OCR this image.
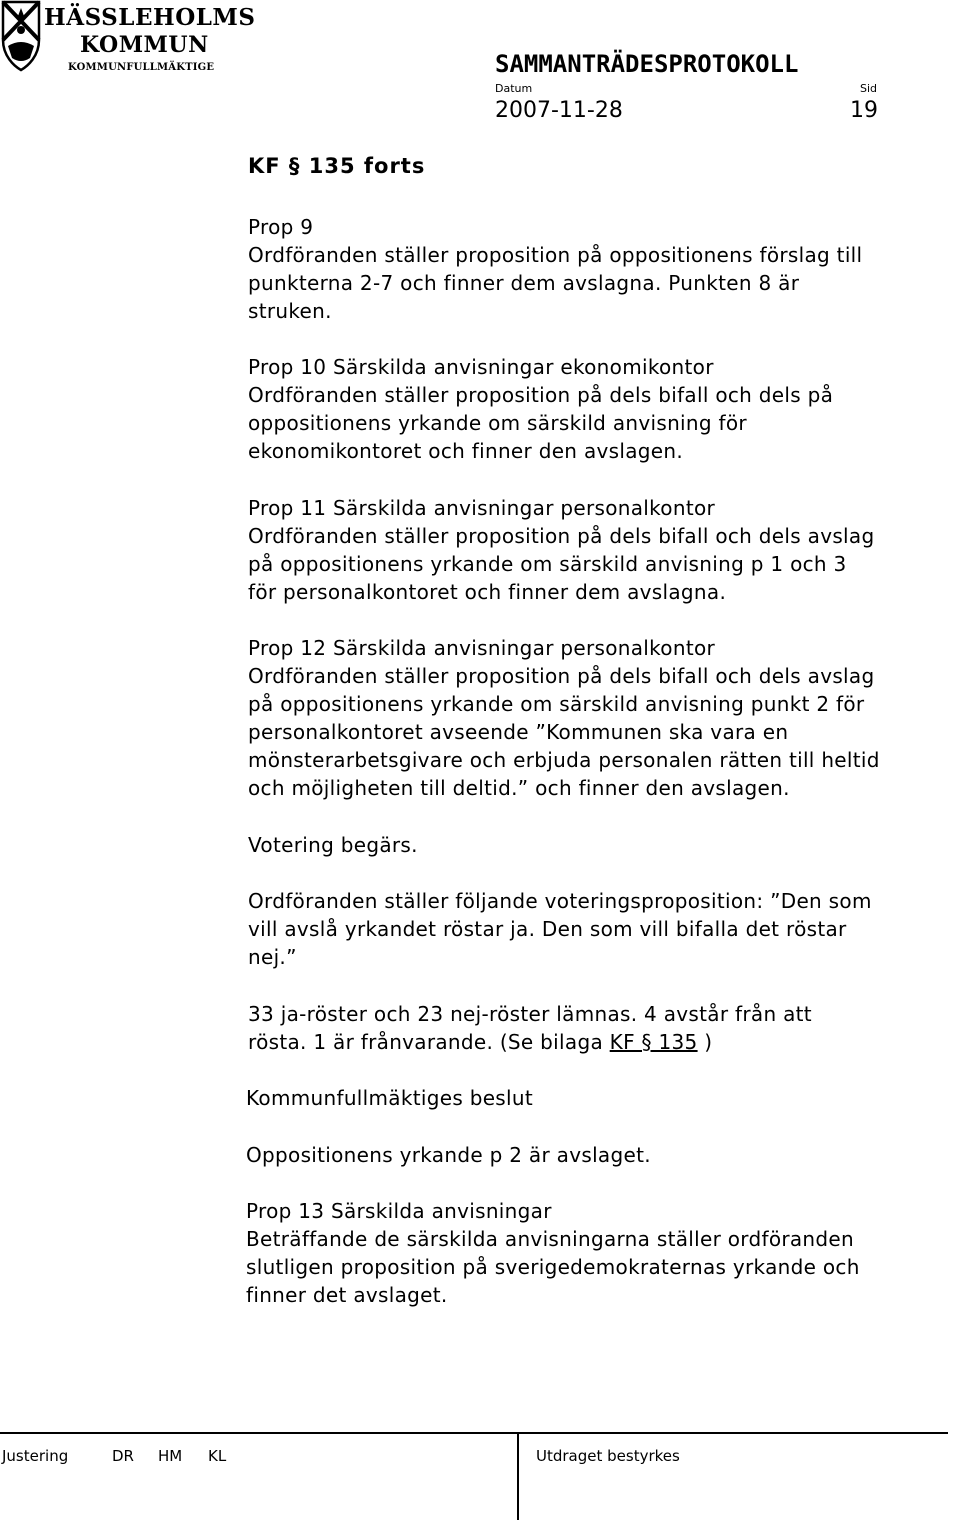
HÄSSLEHOLMS
KOMMUN
KOMMUNFULLMÄKTIGE	SAMMANTRÄDESPROTOKOLL
Datum	Sid
2007-11-28	19
KF § 135 forts
Prop 9
Ordföranden ställer proposition på oppositionens förslag till
punkterna 2-7 och finner dem avslagna. Punkten 8 är
struken.
Prop 10 Särskilda anvisningar ekonomikontor
Ordföranden ställer proposition på dels bifall och dels på
oppositionens yrkande om särskild anvisning för
ekonomikontoret och finner den avslagen.
Prop 11 Särskilda anvisningar personalkontor
Ordföranden ställer proposition på dels bifall och dels avslag
på oppositionens yrkande om särskild anvisning p 1 och 3
för personalkontoret och finner dem avslagna.
Prop 12 Särskilda anvisningar personalkontor
Ordföranden ställer proposition på dels bifall och dels avslag
på oppositionens yrkande om särskild anvisning punkt 2 för
personalkontoret avseende ”Kommunen ska vara en
mönsterarbetsgivare och erbjuda personalen rätten till heltid
och möjligheten till deltid.” och finner den avslagen.
Votering begärs.
Ordföranden ställer följande voteringsproposition: ”Den som
vill avslå yrkandet röstar ja. Den som vill bifalla det röstar
nej.”
33 ja-röster och 23 nej-röster lämnas. 4 avstår från att
rösta. 1 är frånvarande. (Se bilaga KF § 135 )
Kommunfullmäktiges beslut
Oppositionens yrkande p 2 är avslaget.
Prop 13 Särskilda anvisningar
Beträffande de särskilda anvisningarna ställer ordföranden
slutligen proposition på sverigedemokraternas yrkande och
finner det avslaget.
Justering	DR HM KL	Utdraget bestyrkes
